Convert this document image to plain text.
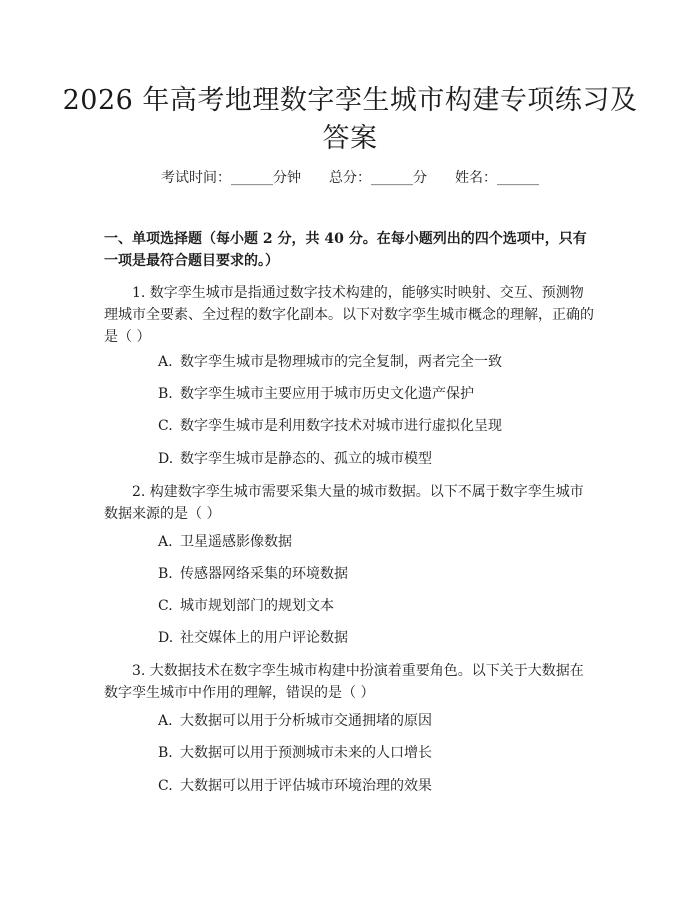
2026 年高考地理数字孪生城市构建专项练习及答案
考试时间：______分钟 总分：______分 姓名：______
一、单项选择题（每小题 2 分，共 40 分。在每小题列出的四个选项中，只有一项是最符合题目要求的。）
1. 数字孪生城市是指通过数字技术构建的，能够实时映射、交互、预测物理城市全要素、全过程的数字化副本。以下对数字孪生城市概念的理解，正确的是（ ）
A. 数字孪生城市是物理城市的完全复制，两者完全一致
B. 数字孪生城市主要应用于城市历史文化遗产保护
C. 数字孪生城市是利用数字技术对城市进行虚拟化呈现
D. 数字孪生城市是静态的、孤立的城市模型
2. 构建数字孪生城市需要采集大量的城市数据。以下不属于数字孪生城市数据来源的是（ ）
A. 卫星遥感影像数据
B. 传感器网络采集的环境数据
C. 城市规划部门的规划文本
D. 社交媒体上的用户评论数据
3. 大数据技术在数字孪生城市构建中扮演着重要角色。以下关于大数据在数字孪生城市中作用的理解，错误的是（ ）
A. 大数据可以用于分析城市交通拥堵的原因
B. 大数据可以用于预测城市未来的人口增长
C. 大数据可以用于评估城市环境治理的效果
